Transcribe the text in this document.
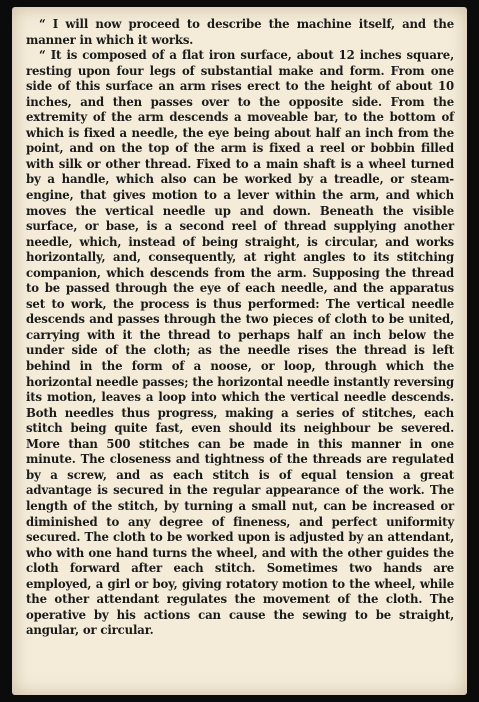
“ I will now proceed to describe the machine itself, and the manner in which it works.

“ It is composed of a flat iron surface, about 12 inches square, resting upon four legs of substantial make and form. From one side of this surface an arm rises erect to the height of about 10 inches, and then passes over to the opposite side. From the extremity of the arm descends a moveable bar, to the bottom of which is fixed a needle, the eye being about half an inch from the point, and on the top of the arm is fixed a reel or bobbin filled with silk or other thread. Fixed to a main shaft is a wheel turned by a handle, which also can be worked by a treadle, or steam-engine, that gives motion to a lever within the arm, and which moves the vertical needle up and down. Beneath the visible surface, or base, is a second reel of thread supplying another needle, which, instead of being straight, is circular, and works horizontally, and, consequently, at right angles to its stitching companion, which descends from the arm. Supposing the thread to be passed through the eye of each needle, and the apparatus set to work, the process is thus performed: The vertical needle descends and passes through the two pieces of cloth to be united, carrying with it the thread to perhaps half an inch below the under side of the cloth; as the needle rises the thread is left behind in the form of a noose, or loop, through which the horizontal needle passes; the horizontal needle instantly reversing its motion, leaves a loop into which the vertical needle descends. Both needles thus progress, making a series of stitches, each stitch being quite fast, even should its neighbour be severed. More than 500 stitches can be made in this manner in one minute. The closeness and tightness of the threads are regulated by a screw, and as each stitch is of equal tension a great advantage is secured in the regular appearance of the work. The length of the stitch, by turning a small nut, can be increased or diminished to any degree of fineness, and perfect uniformity secured. The cloth to be worked upon is adjusted by an attendant, who with one hand turns the wheel, and with the other guides the cloth forward after each stitch. Sometimes two hands are employed, a girl or boy, giving rotatory motion to the wheel, while the other attendant regulates the movement of the cloth. The operative by his actions can cause the sewing to be straight, angular, or circular.
